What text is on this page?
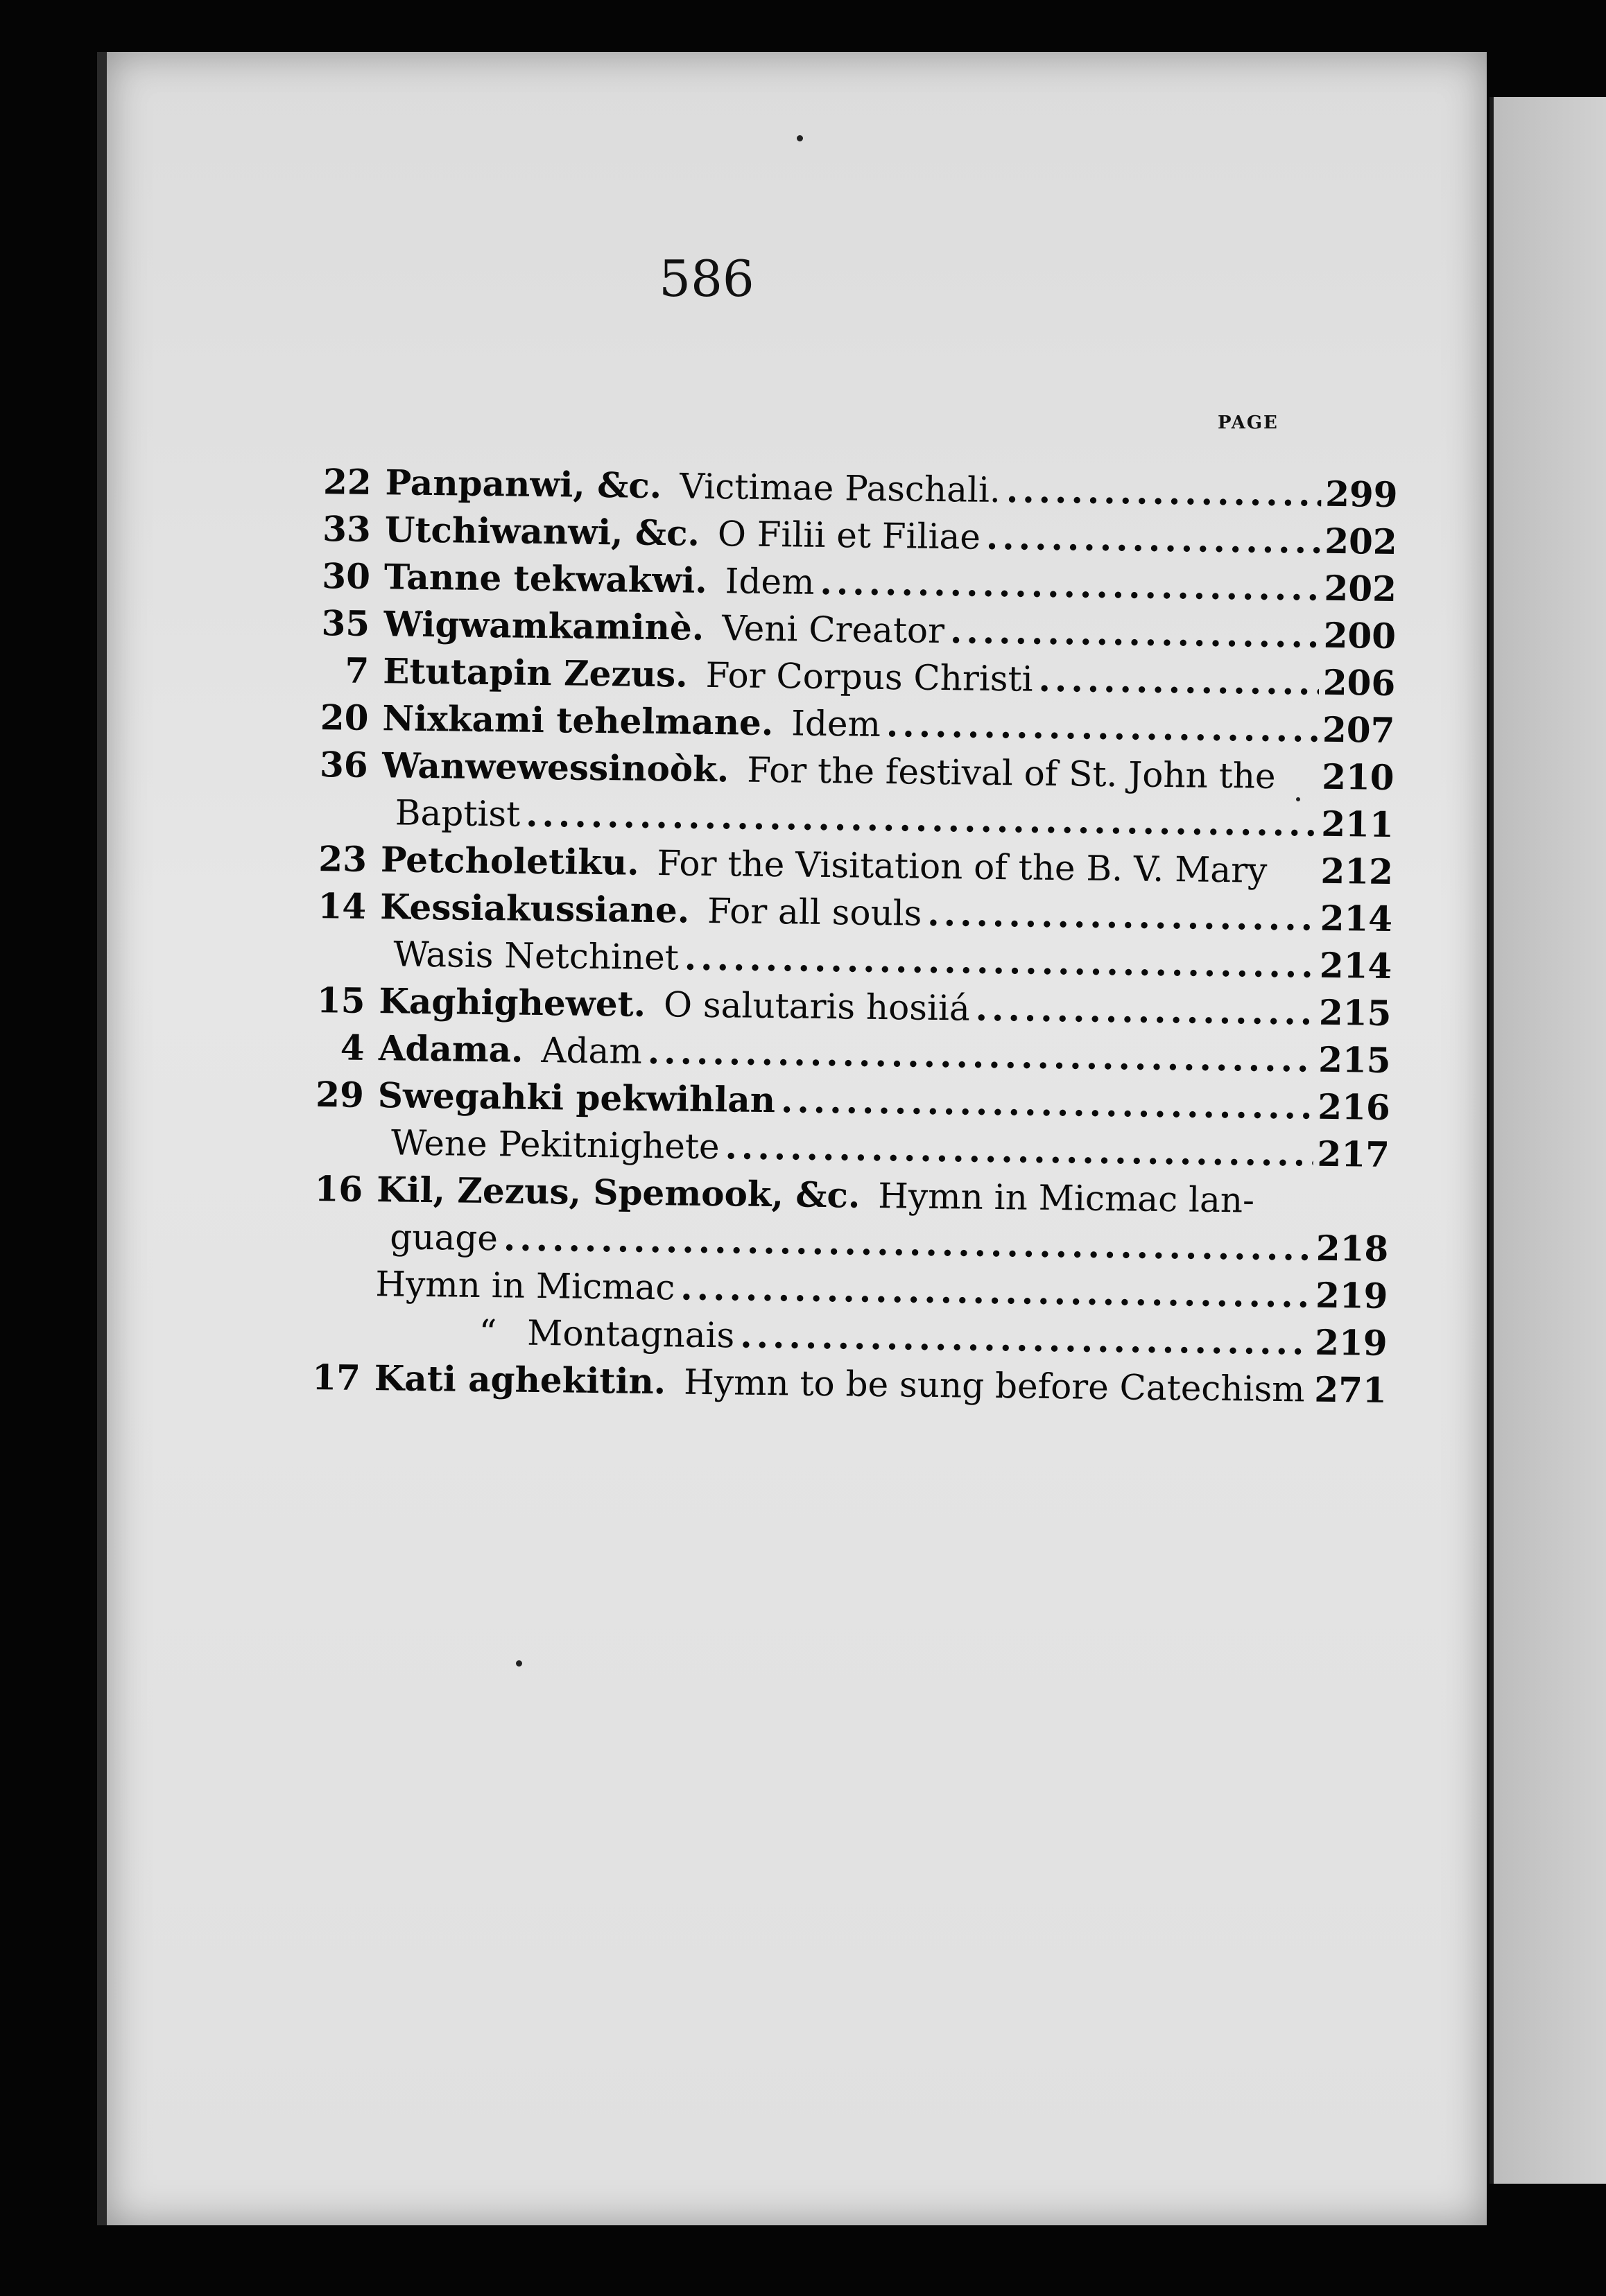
586
PAGE
22 Panpanwi, &c. Victimae Paschali. .....	299
33 Utchiwanwi, &c. O Filii et Filiae .....	202
30 Tanne tekwakwi. Idem .....	202
35 Wigwamkaminè. Veni Creator .....	200
7 Etutapin Zezus. For Corpus Christi .....	206
20 Nixkami tehelmane. Idem .....	207
36 Wanwewessinoòk. For the festival of St. John the 210
Baptist .....	211
23 Petcholetiku. For the Visitation of the B. V. Mary 212
14 Kessiakussiane. For all souls .....	214
Wasis Netchinet .....	214
15 Kaghighewet. O salutaris hosiiá .....	215
4 Adama. Adam .....	215
29 Swegahki pekwihlan .....	216
Wene Pekitnighete .....	217
16 Kil, Zezus, Spemook, &c. Hymn in Micmac lan-
guage .....	218
Hymn in Micmac .....	219
“ Montagnais .....	219
17 Kati aghekitin. Hymn to be sung before Catechism 271
